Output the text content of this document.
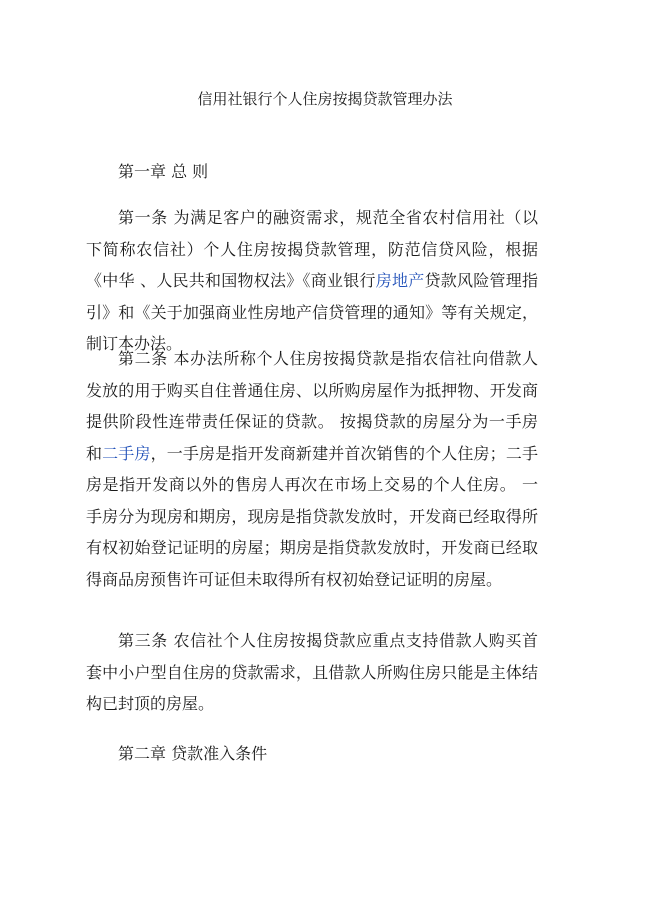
信用社银行个人住房按揭贷款管理办法

第一章 总 则

第一条 为满足客户的融资需求，规范全省农村信用社（以下简称农信社）个人住房按揭贷款管理，防范信贷风险，根据《中华 、人民共和国物权法》《商业银行房地产贷款风险管理指引》和《关于加强商业性房地产信贷管理的通知》等有关规定，制订本办法。

第二条 本办法所称个人住房按揭贷款是指农信社向借款人发放的用于购买自住普通住房、以所购房屋作为抵押物、开发商提供阶段性连带责任保证的贷款。 按揭贷款的房屋分为一手房和二手房，一手房是指开发商新建并首次销售的个人住房；二手房是指开发商以外的售房人再次在市场上交易的个人住房。 一手房分为现房和期房，现房是指贷款发放时，开发商已经取得所有权初始登记证明的房屋；期房是指贷款发放时，开发商已经取得商品房预售许可证但未取得所有权初始登记证明的房屋。

第三条 农信社个人住房按揭贷款应重点支持借款人购买首套中小户型自住房的贷款需求，且借款人所购住房只能是主体结构已封顶的房屋。

第二章 贷款准入条件
